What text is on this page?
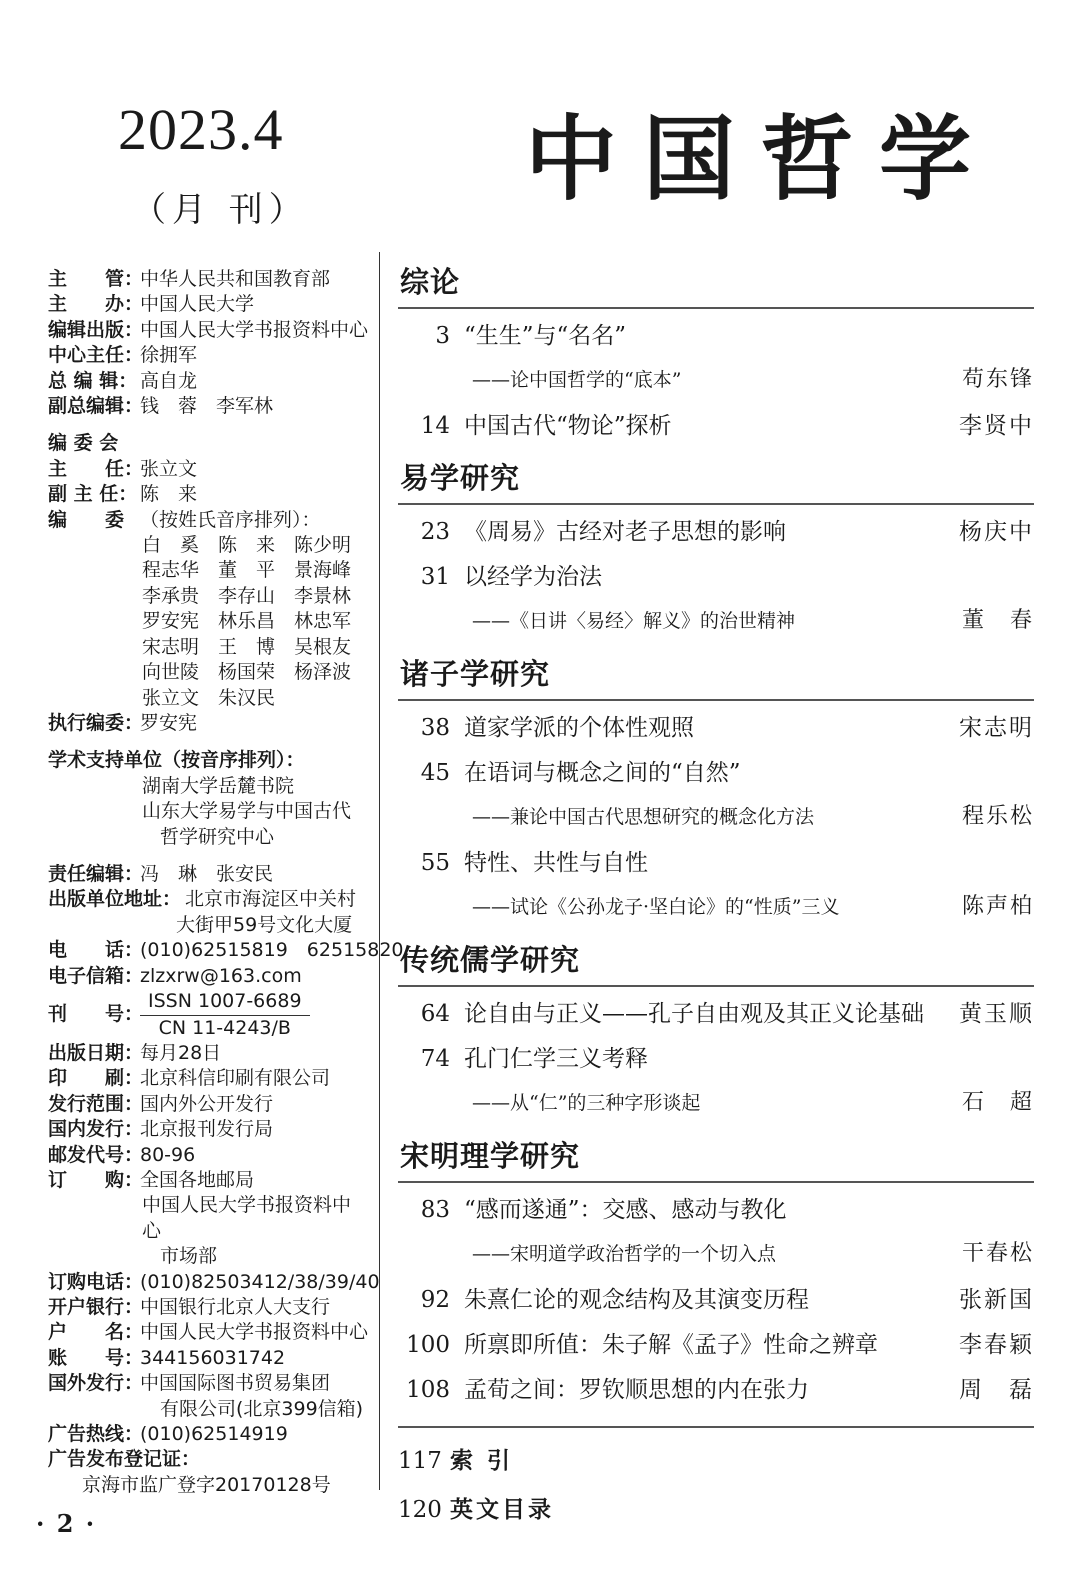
2023.4
（月 刊） 中国哲学
主　　管：
中华人民共和国教育部
主　　办：
中国人民大学
编辑出版：
中国人民大学书报资料中心
中心主任：
徐拥军
总 编 辑： 高自龙
副总编辑：
钱　蓉　李军林
编 委 会
主　　任：
张立文
副 主 任： 陈　来
编　　委 （按姓氏音序排列）：
白　奚　陈　来　陈少明
程志华　董　平　景海峰
李承贵　李存山　李景林
罗安宪　林乐昌　林忠军
宋志明　王　博　吴根友
向世陵　杨国荣　杨泽波
张立文　朱汉民
执行编委：
罗安宪
学术支持单位（按音序排列）：
湖南大学岳麓书院
山东大学易学与中国古代
哲学研究中心
责任编辑：
冯　琳　张安民
出版单位地址： 北京市海淀区中关村
大街甲59号文化大厦
电　　话：
(010)62515819　62515820
电子信箱：
zlzxrw@163.com
刊　　号：
ISSN 1007-6689
CN 11-4243/B
出版日期：
每月28日
印　　刷：
北京科信印刷有限公司
发行范围：
国内外公开发行
国内发行：
北京报刊发行局
邮发代号：
80-96
订　　购：
全国各地邮局
中国人民大学书报资料中心
市场部
订购电话：
(010)82503412/38/39/40
开户银行：
中国银行北京人大支行
户　　名：
中国人民大学书报资料中心
账　　号：
344156031742
国外发行：
中国国际图书贸易集团
有限公司(北京399信箱)
广告热线：
(010)62514919
广告发布登记证：
京海市监广登字20170128号
· 2 ·
综论
3 “生生”与“名名”
——论中国哲学的“底本”	苟东锋
14 中国古代“物论”探析	李贤中
易学研究
23 《周易》古经对老子思想的影响	杨庆中
31 以经学为治法
——《日讲〈易经〉解义》的治世精神	董　春
诸子学研究
38 道家学派的个体性观照	宋志明
45 在语词与概念之间的“自然”
——兼论中国古代思想研究的概念化方法	程乐松
55 特性、共性与自性
——试论《公孙龙子·坚白论》的“性质”三义	陈声柏
传统儒学研究
64 论自由与正义——孔子自由观及其正义论基础	黄玉顺
74 孔门仁学三义考释
——从“仁”的三种字形谈起	石　超
宋明理学研究
83 “感而遂通”：交感、感动与教化
——宋明道学政治哲学的一个切入点	干春松
92 朱熹仁论的观念结构及其演变历程	张新国
100 所禀即所值：朱子解《孟子》性命之辨章	李春颖
108 孟荀之间：罗钦顺思想的内在张力	周　磊
117 索 引
120 英文目录
